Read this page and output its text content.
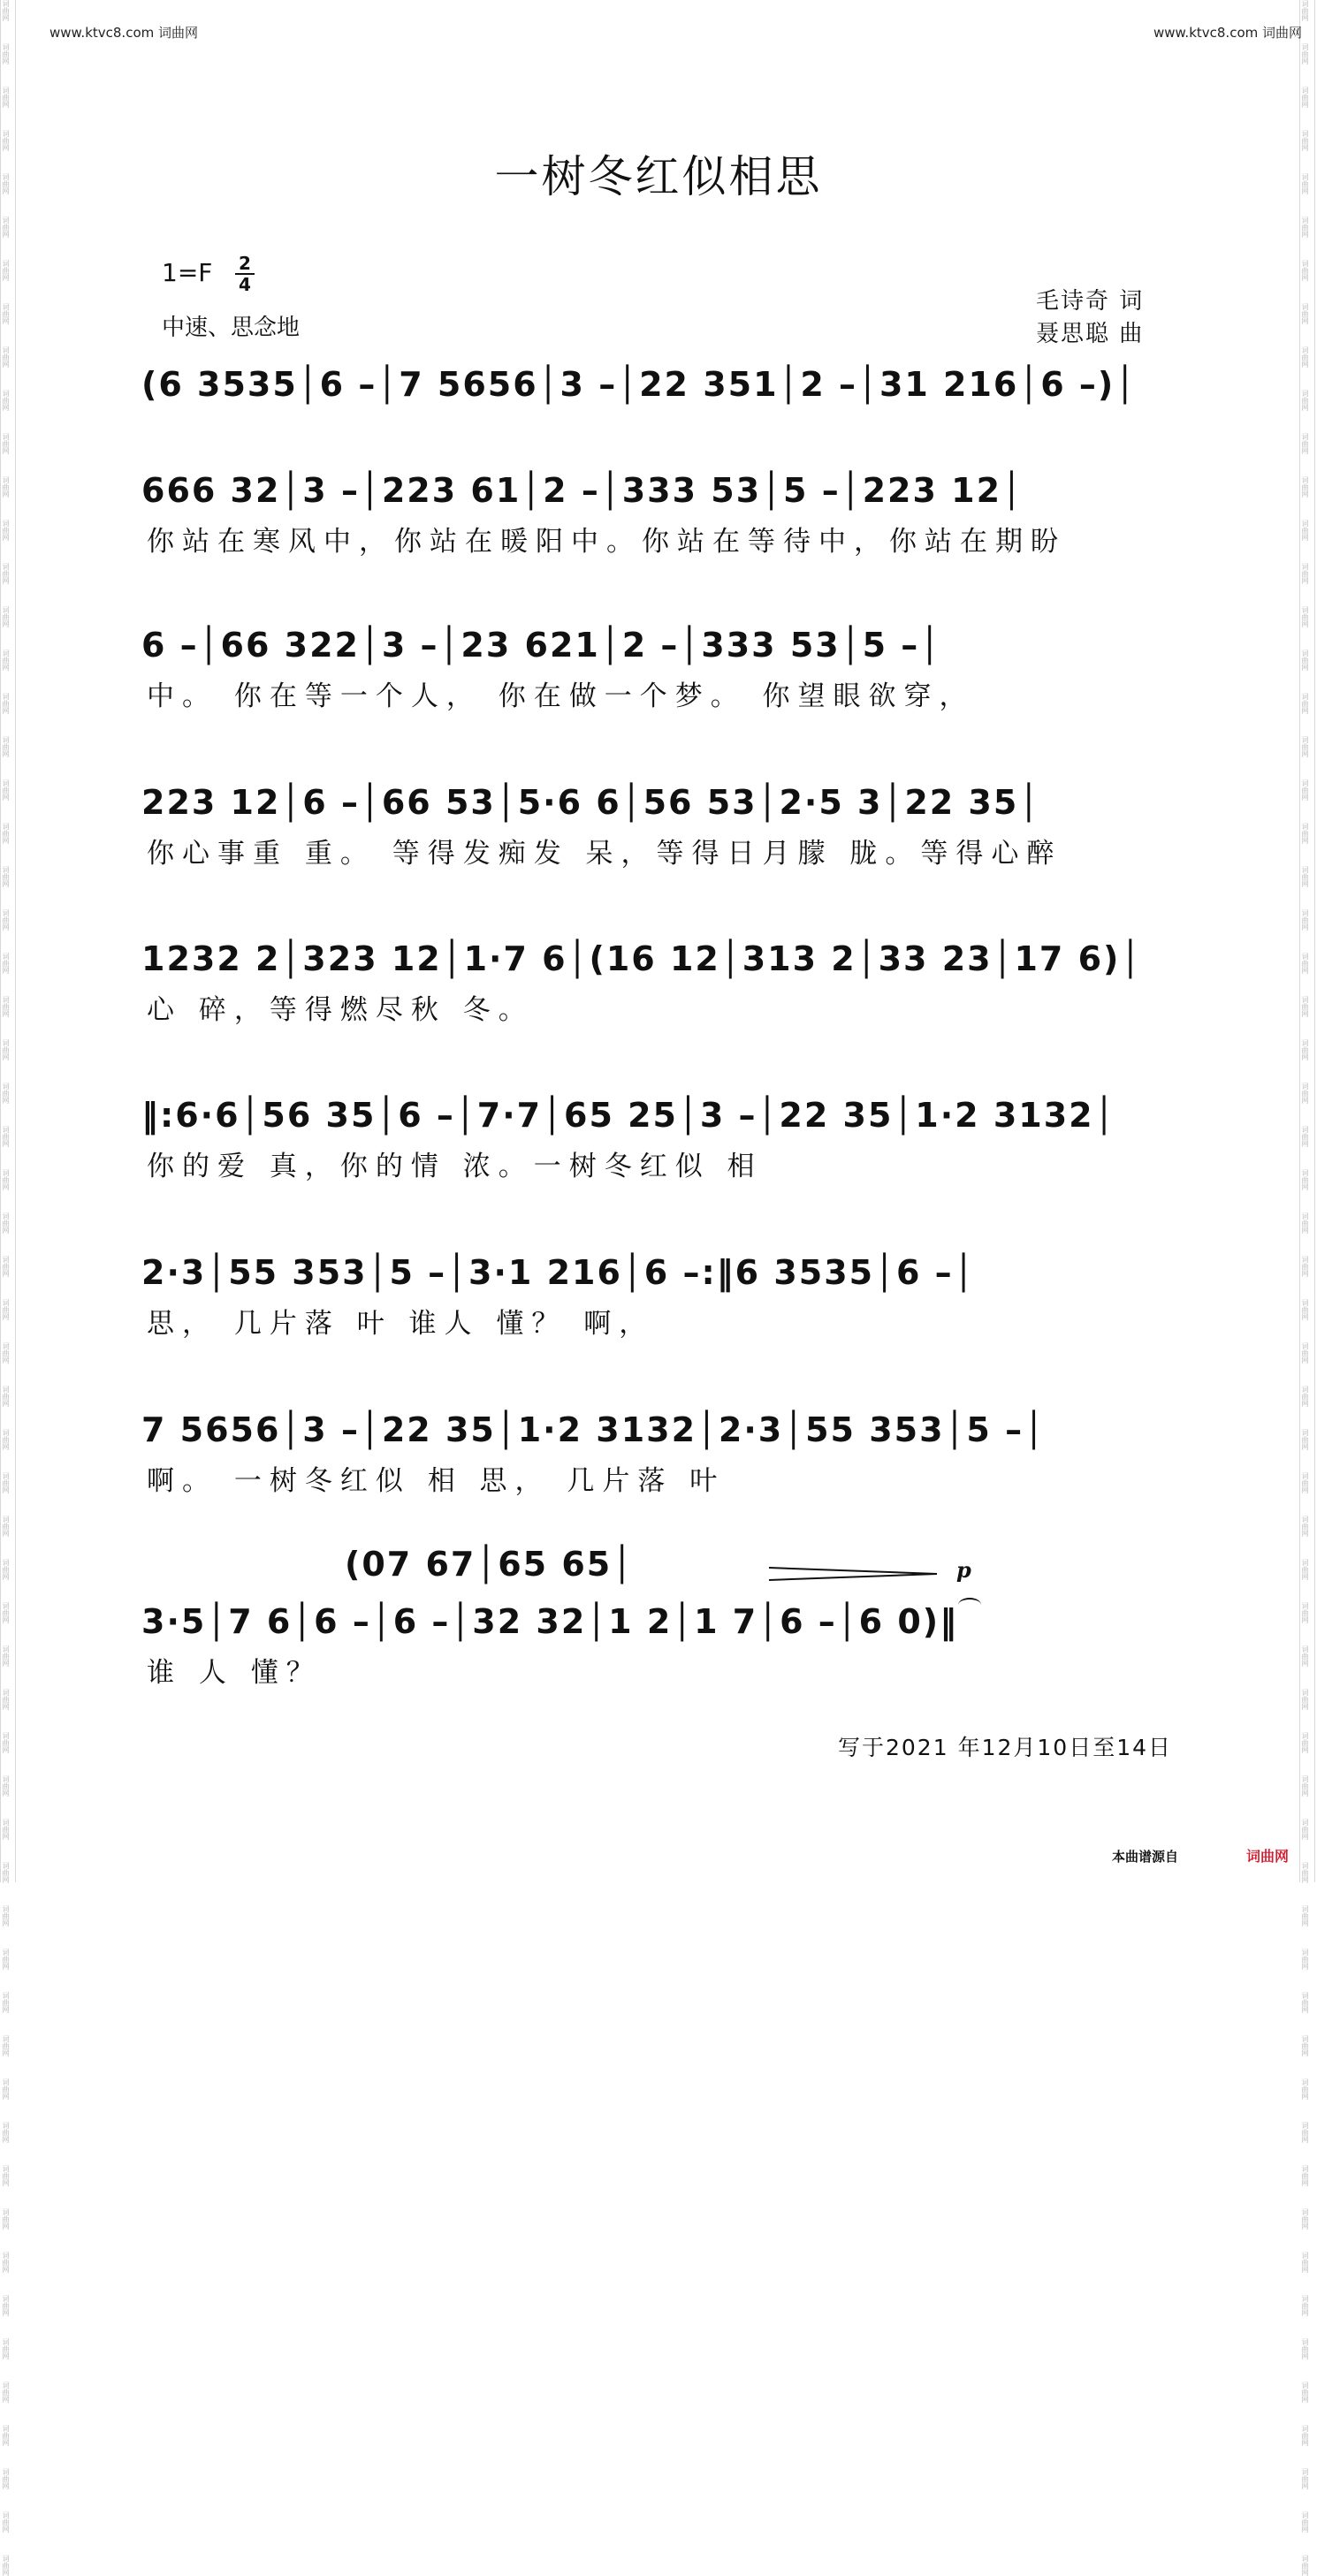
词曲网
词曲网
词曲网
词曲网
词曲网
词曲网
词曲网
词曲网
词曲网
词曲网
词曲网
词曲网
词曲网
词曲网
词曲网
词曲网
词曲网
词曲网
词曲网
词曲网
词曲网
词曲网
词曲网
词曲网
词曲网
词曲网
词曲网
词曲网
词曲网
词曲网
词曲网
词曲网
词曲网
词曲网
词曲网
词曲网
词曲网
词曲网
词曲网
词曲网
词曲网
词曲网
词曲网
词曲网
词曲网
词曲网
词曲网
词曲网
词曲网
词曲网
词曲网
词曲网
词曲网
词曲网
词曲网
词曲网
词曲网
词曲网
词曲网
词曲网
词曲网
词曲网
词曲网
词曲网
词曲网
词曲网
词曲网
词曲网
词曲网
词曲网
词曲网
词曲网
词曲网
词曲网
词曲网
词曲网
词曲网
词曲网
词曲网
词曲网
词曲网
词曲网
词曲网
词曲网
词曲网
词曲网
词曲网
词曲网
词曲网
词曲网
词曲网
词曲网
词曲网
词曲网
词曲网
词曲网
词曲网
词曲网
词曲网
词曲网
词曲网
词曲网
词曲网
词曲网
词曲网
词曲网
词曲网
词曲网
词曲网
词曲网
词曲网
词曲网
词曲网
词曲网
词曲网
词曲网
词曲网
词曲网
词曲网
词曲网
www.ktvc8.com 词曲网	www.ktvc8.com 词曲网
一树冬红似相思
1=F 2
4
中速、思念地
毛诗奇 词
聂思聪 曲
(6 3535│6 –│7 5656│3 –│22 351│2 –│31 216│6 –)│
666 32│3 –│223 61│2 –│333 53│5 –│223 12│
你站在寒风中，你站在暖阳中。你站在等待中，你站在期盼
6 –│66 322│3 –│23 621│2 –│333 53│5 –│
中。 你在等一个人， 你在做一个梦。 你望眼欲穿，
223 12│6 –│66 53│5·6 6│56 53│2·5 3│22 35│
你心事重 重。 等得发痴发 呆，等得日月朦 胧。等得心醉
1232 2│323 12│1·7 6│(16 12│313 2│33 23│17 6)│
心 碎，等得燃尽秋 冬。
‖:6·6│56 35│6 –│7·7│65 25│3 –│22 35│1·2 3132│
你的爱 真，你的情 浓。一树冬红似 相
2·3│55 353│5 –│3·1 216│6 –:‖6 3535│6 –│
思， 几片落 叶 谁人 懂？ 啊，
7 5656│3 –│22 35│1·2 3132│2·3│55 353│5 –│
啊。 一树冬红似 相 思， 几片落 叶
(07 67│65 65│	p
3·5│7 6│6 –│6 –│32 32│1 2│1 7│6 –│6 0)‖
谁 人 懂？
写于2021 年12月10日至14日
本曲谱源自	词曲网
